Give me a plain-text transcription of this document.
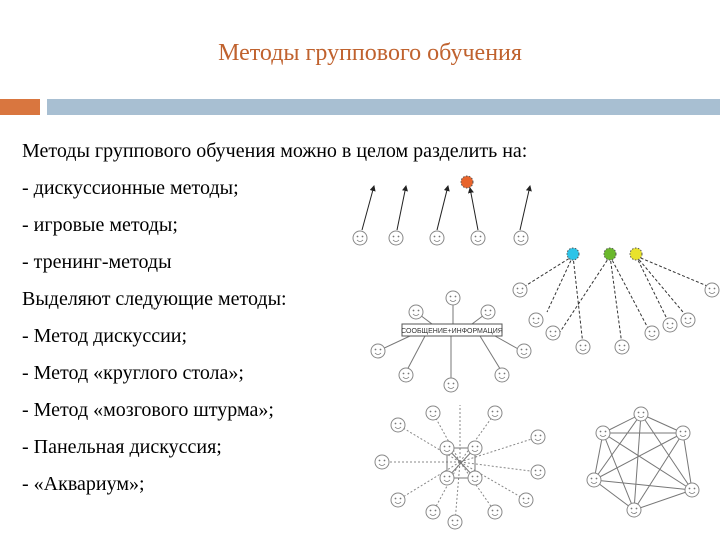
Методы группового обучения
Методы группового обучения можно в целом разделить на:
- дискуссионные методы;
- игровые методы;
- тренинг-методы
Выделяют следующие методы:
- Метод дискуссии;
- Метод «круглого стола»;
- Метод «мозгового штурма»;
- Панельная дискуссия;
- «Аквариум»;
СООБЩЕНИЕ+ИНФОРМАЦИЯ
